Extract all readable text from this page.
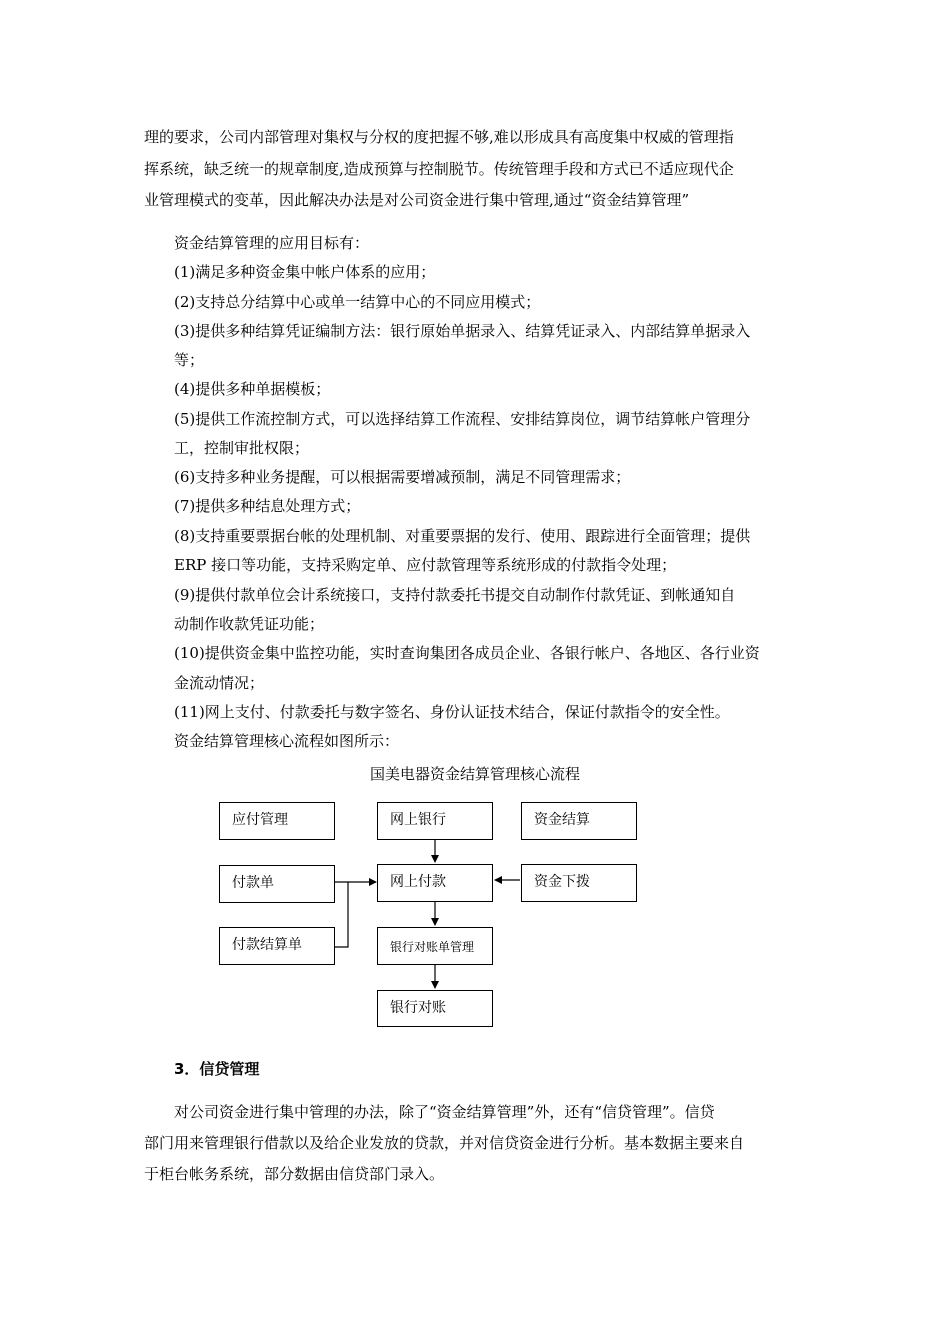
理的要求，公司内部管理对集权与分权的度把握不够,难以形成具有高度集中权威的管理指

挥系统，缺乏统一的规章制度,造成预算与控制脱节。传统管理手段和方式已不适应现代企

业管理模式的变革，因此解决办法是对公司资金进行集中管理,通过“资金结算管理”

资金结算管理的应用目标有：

(1)满足多种资金集中帐户体系的应用；

(2)支持总分结算中心或单一结算中心的不同应用模式；

(3)提供多种结算凭证编制方法：银行原始单据录入、结算凭证录入、内部结算单据录入

等；

(4)提供多种单据模板；

(5)提供工作流控制方式，可以选择结算工作流程、安排结算岗位，调节结算帐户管理分

工，控制审批权限；

(6)支持多种业务提醒，可以根据需要增减预制，满足不同管理需求；

(7)提供多种结息处理方式；

(8)支持重要票据台帐的处理机制、对重要票据的发行、使用、跟踪进行全面管理；提供

ERP 接口等功能，支持采购定单、应付款管理等系统形成的付款指令处理；

(9)提供付款单位会计系统接口，支持付款委托书提交自动制作付款凭证、到帐通知自

动制作收款凭证功能；

(10)提供资金集中监控功能，实时查询集团各成员企业、各银行帐户、各地区、各行业资

金流动情况；

(11)网上支付、付款委托与数字签名、身份认证技术结合，保证付款指令的安全性。

资金结算管理核心流程如图所示：

国美电器资金结算管理核心流程

应付管理	网上银行	资金结算
付款单	网上付款	资金下拨
付款结算单	银行对账单管理
银行对账

3．信贷管理

对公司资金进行集中管理的办法，除了“资金结算管理”外，还有“信贷管理”。信贷

部门用来管理银行借款以及给企业发放的贷款，并对信贷资金进行分析。基本数据主要来自

于柜台帐务系统，部分数据由信贷部门录入。
